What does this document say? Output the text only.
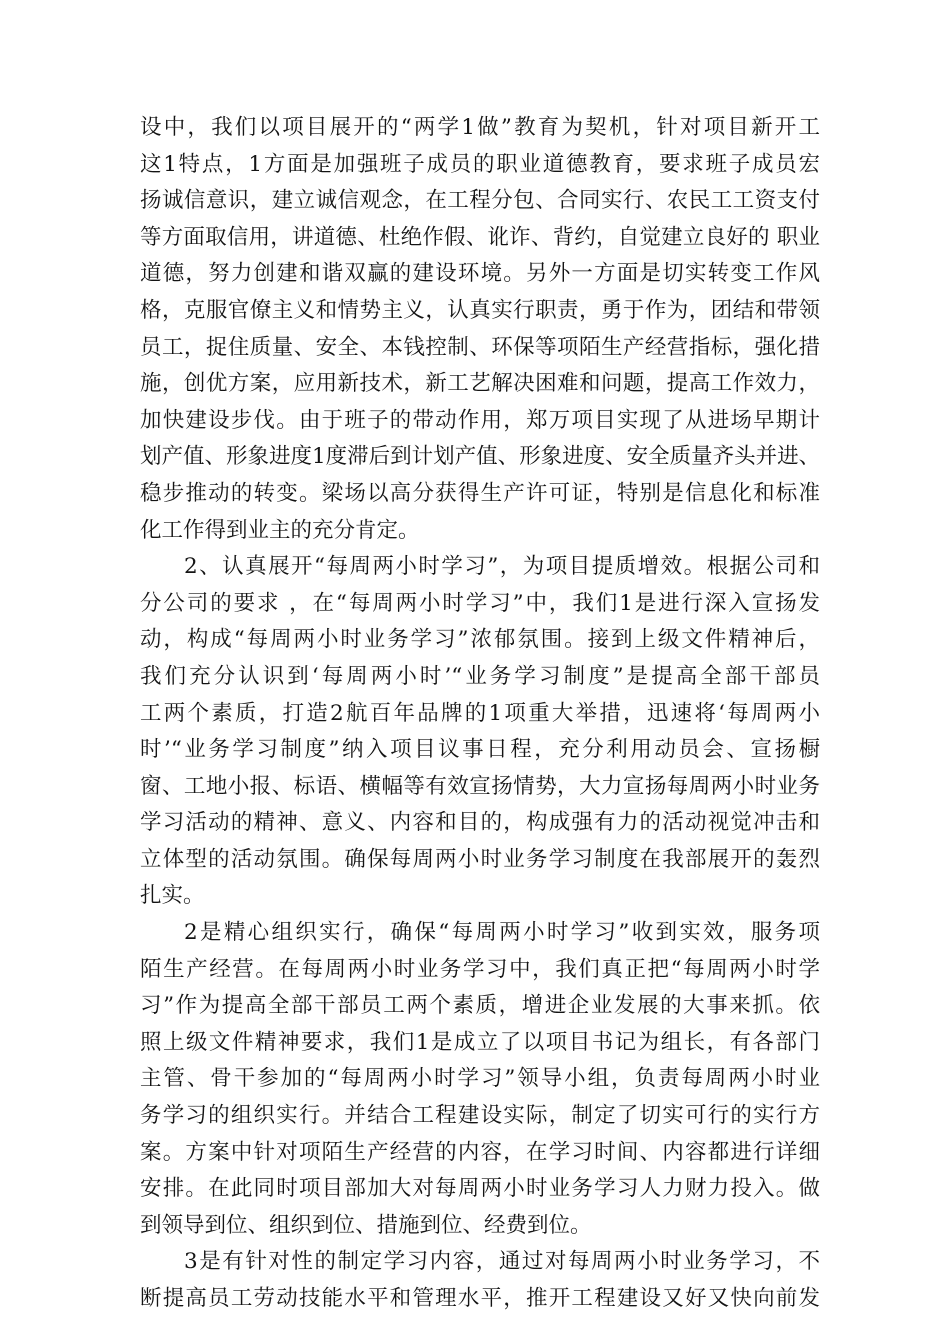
设中，我们以项目展开的“两学1做”教育为契机，针对项目新开工
这1特点，1方面是加强班子成员的职业道德教育，要求班子成员宏
扬诚信意识，建立诚信观念，在工程分包、合同实行、农民工工资支付
等方面取信用，讲道德、杜绝作假、讹诈、背约，自觉建立良好的 职业
道德，努力创建和谐双赢的建设环境。另外一方面是切实转变工作风
格，克服官僚主义和情势主义，认真实行职责，勇于作为，团结和带领
员工，捉住质量、安全、本钱控制、环保等项陌生产经营指标，强化措
施，创优方案，应用新技术，新工艺解决困难和问题，提高工作效力，
加快建设步伐。由于班子的带动作用，郑万项目实现了从进场早期计
划产值、形象进度1度滞后到计划产值、形象进度、安全质量齐头并进、
稳步推动的转变。梁场以高分获得生产许可证，特别是信息化和标准
化工作得到业主的充分肯定。
2、认真展开“每周两小时学习”，为项目提质增效。根据公司和
分公司的要求 ，在“每周两小时学习”中，我们1是进行深入宣扬发
动，构成“每周两小时业务学习”浓郁氛围。接到上级文件精神后，
我们充分认识到‘每周两小时’“业务学习制度”是提高全部干部员
工两个素质，打造2航百年品牌的1项重大举措，迅速将‘每周两小
时’“业务学习制度”纳入项目议事日程，充分利用动员会、宣扬橱
窗、工地小报、标语、横幅等有效宣扬情势，大力宣扬每周两小时业务
学习活动的精神、意义、内容和目的，构成强有力的活动视觉冲击和
立体型的活动氛围。确保每周两小时业务学习制度在我部展开的轰烈
扎实。
2是精心组织实行，确保“每周两小时学习”收到实效，服务项
陌生产经营。在每周两小时业务学习中，我们真正把“每周两小时学
习”作为提高全部干部员工两个素质，增进企业发展的大事来抓。依
照上级文件精神要求，我们1是成立了以项目书记为组长，有各部门
主管、骨干参加的“每周两小时学习”领导小组，负责每周两小时业
务学习的组织实行。并结合工程建设实际，制定了切实可行的实行方
案。方案中针对项陌生产经营的内容，在学习时间、内容都进行详细
安排。在此同时项目部加大对每周两小时业务学习人力财力投入。做
到领导到位、组织到位、措施到位、经费到位。
3是有针对性的制定学习内容，通过对每周两小时业务学习，不
断提高员工劳动技能水平和管理水平，推开工程建设又好又快向前发
